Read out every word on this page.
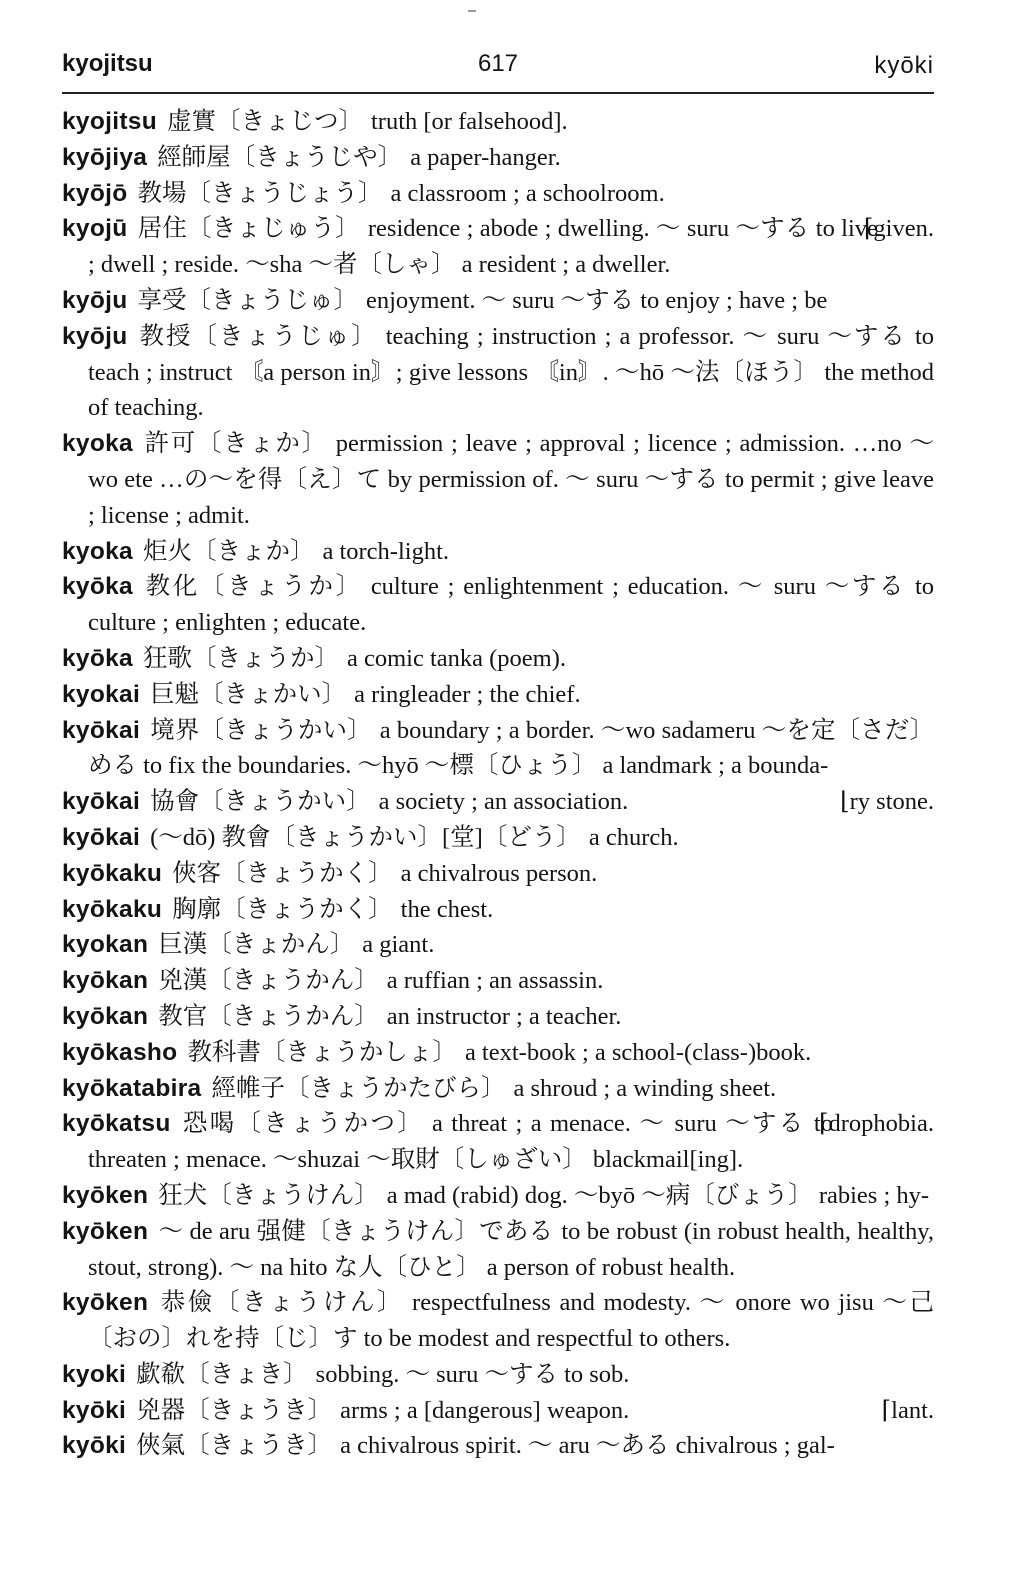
kyojitsu	617	kyōki
kyojitsu 虚實〔きょじつ〕 truth [or falsehood].
kyōjiya 經師屋〔きょうじや〕 a paper-hanger.
kyōjō 教場〔きょうじょう〕 a classroom ; a schoolroom.
⌈given.
kyojū 居住〔きょじゅう〕 residence ; abode ; dwelling. ～ suru ～する to live ; dwell ; reside. ～sha ～者〔しゃ〕 a resident ; a dweller.
kyōju 享受〔きょうじゅ〕 enjoyment. ～ suru ～する to enjoy ; have ; be
kyōju 教授〔きょうじゅ〕 teaching ; instruction ; a professor. ～ suru ～する to teach ; instruct 〘a person in〙; give lessons 〘in〙. ～hō ～法〔ほう〕 the method of teaching.
kyoka 許可〔きょか〕 permission ; leave ; approval ; licence ; admission. …no ～ wo ete …の～を得〔え〕て by permission of. ～ suru ～する to permit ; give leave ; license ; admit.
kyoka 炬火〔きょか〕 a torch-light.
kyōka 教化〔きょうか〕 culture ; enlightenment ; education. ～ suru ～する to culture ; enlighten ; educate.
kyōka 狂歌〔きょうか〕 a comic tanka (poem).
kyokai 巨魁〔きょかい〕 a ringleader ; the chief.
kyōkai 境界〔きょうかい〕 a boundary ; a border. ～wo sadameru ～を定〔さだ〕める to fix the boundaries. ～hyō ～標〔ひょう〕 a landmark ; a bounda-
⌊ry stone.
kyōkai 協會〔きょうかい〕 a society ; an association.
kyōkai (～dō) 教會〔きょうかい〕[堂]〔どう〕 a church.
kyōkaku 俠客〔きょうかく〕 a chivalrous person.
kyōkaku 胸廓〔きょうかく〕 the chest.
kyokan 巨漢〔きょかん〕 a giant.
kyōkan 兇漢〔きょうかん〕 a ruffian ; an assassin.
kyōkan 教官〔きょうかん〕 an instructor ; a teacher.
kyōkasho 教科書〔きょうかしょ〕 a text-book ; a school-(class-)book.
kyōkatabira 經帷子〔きょうかたびら〕 a shroud ; a winding sheet.
⌈drophobia.
kyōkatsu 恐喝〔きょうかつ〕 a threat ; a menace. ～ suru ～する to threaten ; menace. ～shuzai ～取財〔しゅざい〕 blackmail[ing].
kyōken 狂犬〔きょうけん〕 a mad (rabid) dog. ～byō ～病〔びょう〕 rabies ; hy-
kyōken ～ de aru 强健〔きょうけん〕である to be robust (in robust health, healthy, stout, strong). ～ na hito な人〔ひと〕 a person of robust health.
kyōken 恭儉〔きょうけん〕 respectfulness and modesty. ～ onore wo jisu ～己〔おの〕れを持〔じ〕す to be modest and respectful to others.
kyoki 歔欷〔きょき〕 sobbing. ～ suru ～する to sob.
⌈lant.
kyōki 兇器〔きょうき〕 arms ; a [dangerous] weapon.
kyōki 俠氣〔きょうき〕 a chivalrous spirit. ～ aru ～ある chivalrous ; gal-
